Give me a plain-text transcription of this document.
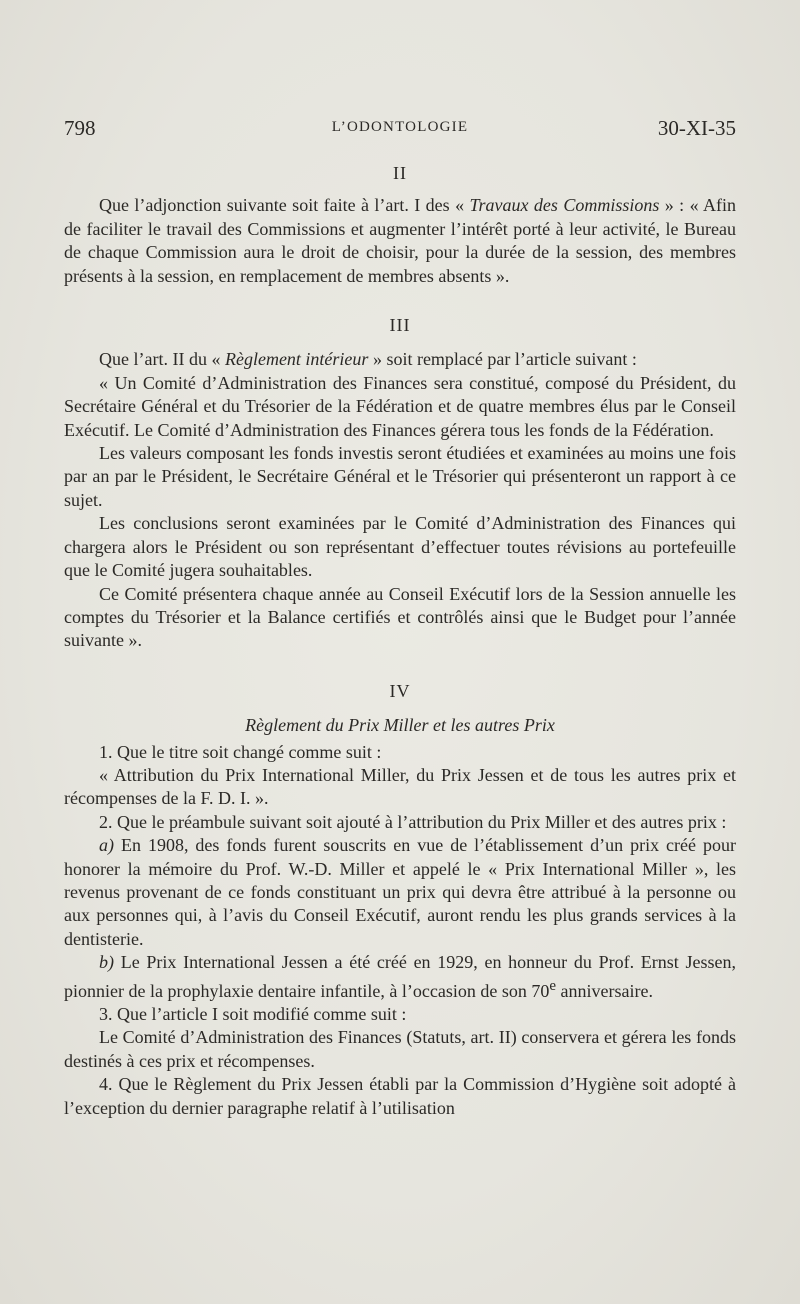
798	L’ODONTOLOGIE	30-XI-35

II

Que l’adjonction suivante soit faite à l’art. I des « Travaux des Commissions » : « Afin de faciliter le travail des Commissions et augmenter l’intérêt porté à leur activité, le Bureau de chaque Commission aura le droit de choisir, pour la durée de la session, des membres présents à la session, en remplacement de membres absents ».

III

Que l’art. II du « Règlement intérieur » soit remplacé par l’article suivant :

« Un Comité d’Administration des Finances sera constitué, composé du Président, du Secrétaire Général et du Trésorier de la Fédération et de quatre membres élus par le Conseil Exécutif. Le Comité d’Administration des Finances gérera tous les fonds de la Fédération.

Les valeurs composant les fonds investis seront étudiées et examinées au moins une fois par an par le Président, le Secrétaire Général et le Trésorier qui présenteront un rapport à ce sujet.

Les conclusions seront examinées par le Comité d’Administration des Finances qui chargera alors le Président ou son représentant d’effectuer toutes révisions au portefeuille que le Comité jugera souhaitables.

Ce Comité présentera chaque année au Conseil Exécutif lors de la Session annuelle les comptes du Trésorier et la Balance certifiés et contrôlés ainsi que le Budget pour l’année suivante ».

IV

Règlement du Prix Miller et les autres Prix

1. Que le titre soit changé comme suit :

« Attribution du Prix International Miller, du Prix Jessen et de tous les autres prix et récompenses de la F. D. I. ».

2. Que le préambule suivant soit ajouté à l’attribution du Prix Miller et des autres prix :

a) En 1908, des fonds furent souscrits en vue de l’établissement d’un prix créé pour honorer la mémoire du Prof. W.-D. Miller et appelé le « Prix International Miller », les revenus provenant de ce fonds constituant un prix qui devra être attribué à la personne ou aux personnes qui, à l’avis du Conseil Exécutif, auront rendu les plus grands services à la dentisterie.

b) Le Prix International Jessen a été créé en 1929, en honneur du Prof. Ernst Jessen, pionnier de la prophylaxie dentaire infantile, à l’occasion de son 70e anniversaire.

3. Que l’article I soit modifié comme suit :

Le Comité d’Administration des Finances (Statuts, art. II) conservera et gérera les fonds destinés à ces prix et récompenses.

4. Que le Règlement du Prix Jessen établi par la Commission d’Hygiène soit adopté à l’exception du dernier paragraphe relatif à l’utilisation
